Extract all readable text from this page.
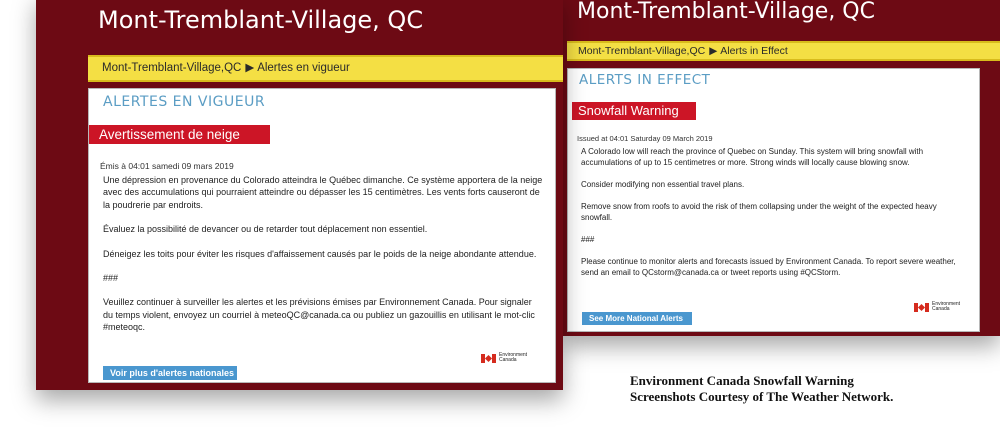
Mont-Tremblant-Village, QC
Mont-Tremblant-Village,QC ▶ Alerts in Effect
ALERTS IN EFFECT
Snowfall Warning
Issued at 04:01 Saturday 09 March 2019

A Colorado low will reach the province of Quebec on Sunday. This system will bring snowfall with accumulations of up to 15 centimetres or more. Strong winds will locally cause blowing snow.

Consider modifying non essential travel plans.

Remove snow from roofs to avoid the risk of them collapsing under the weight of the expected heavy snowfall.

###

Please continue to monitor alerts and forecasts issued by Environment Canada. To report severe weather, send an email to QCstorm@canada.ca or tweet reports using #QCStorm.

Environment
Canada
See More National Alerts
Mont-Tremblant-Village, QC
Mont-Tremblant-Village,QC ▶ Alertes en vigueur
ALERTES EN VIGUEUR
Avertissement de neige
Émis à 04:01 samedi 09 mars 2019

Une dépression en provenance du Colorado atteindra le Québec dimanche. Ce système apportera de la neige avec des accumulations qui pourraient atteindre ou dépasser les 15 centimètres. Les vents forts causeront de la poudrerie par endroits.

Évaluez la possibilité de devancer ou de retarder tout déplacement non essentiel.

Déneigez les toits pour éviter les risques d'affaissement causés par le poids de la neige abondante attendue.

###

Veuillez continuer à surveiller les alertes et les prévisions émises par Environnement Canada. Pour signaler du temps violent, envoyez un courriel à meteoQC@canada.ca ou publiez un gazouillis en utilisant le mot-clic #meteoqc.

Environment
Canada
Voir plus d'alertes nationales	Environment Canada Snowfall Warning
Screenshots Courtesy of The Weather Network.
